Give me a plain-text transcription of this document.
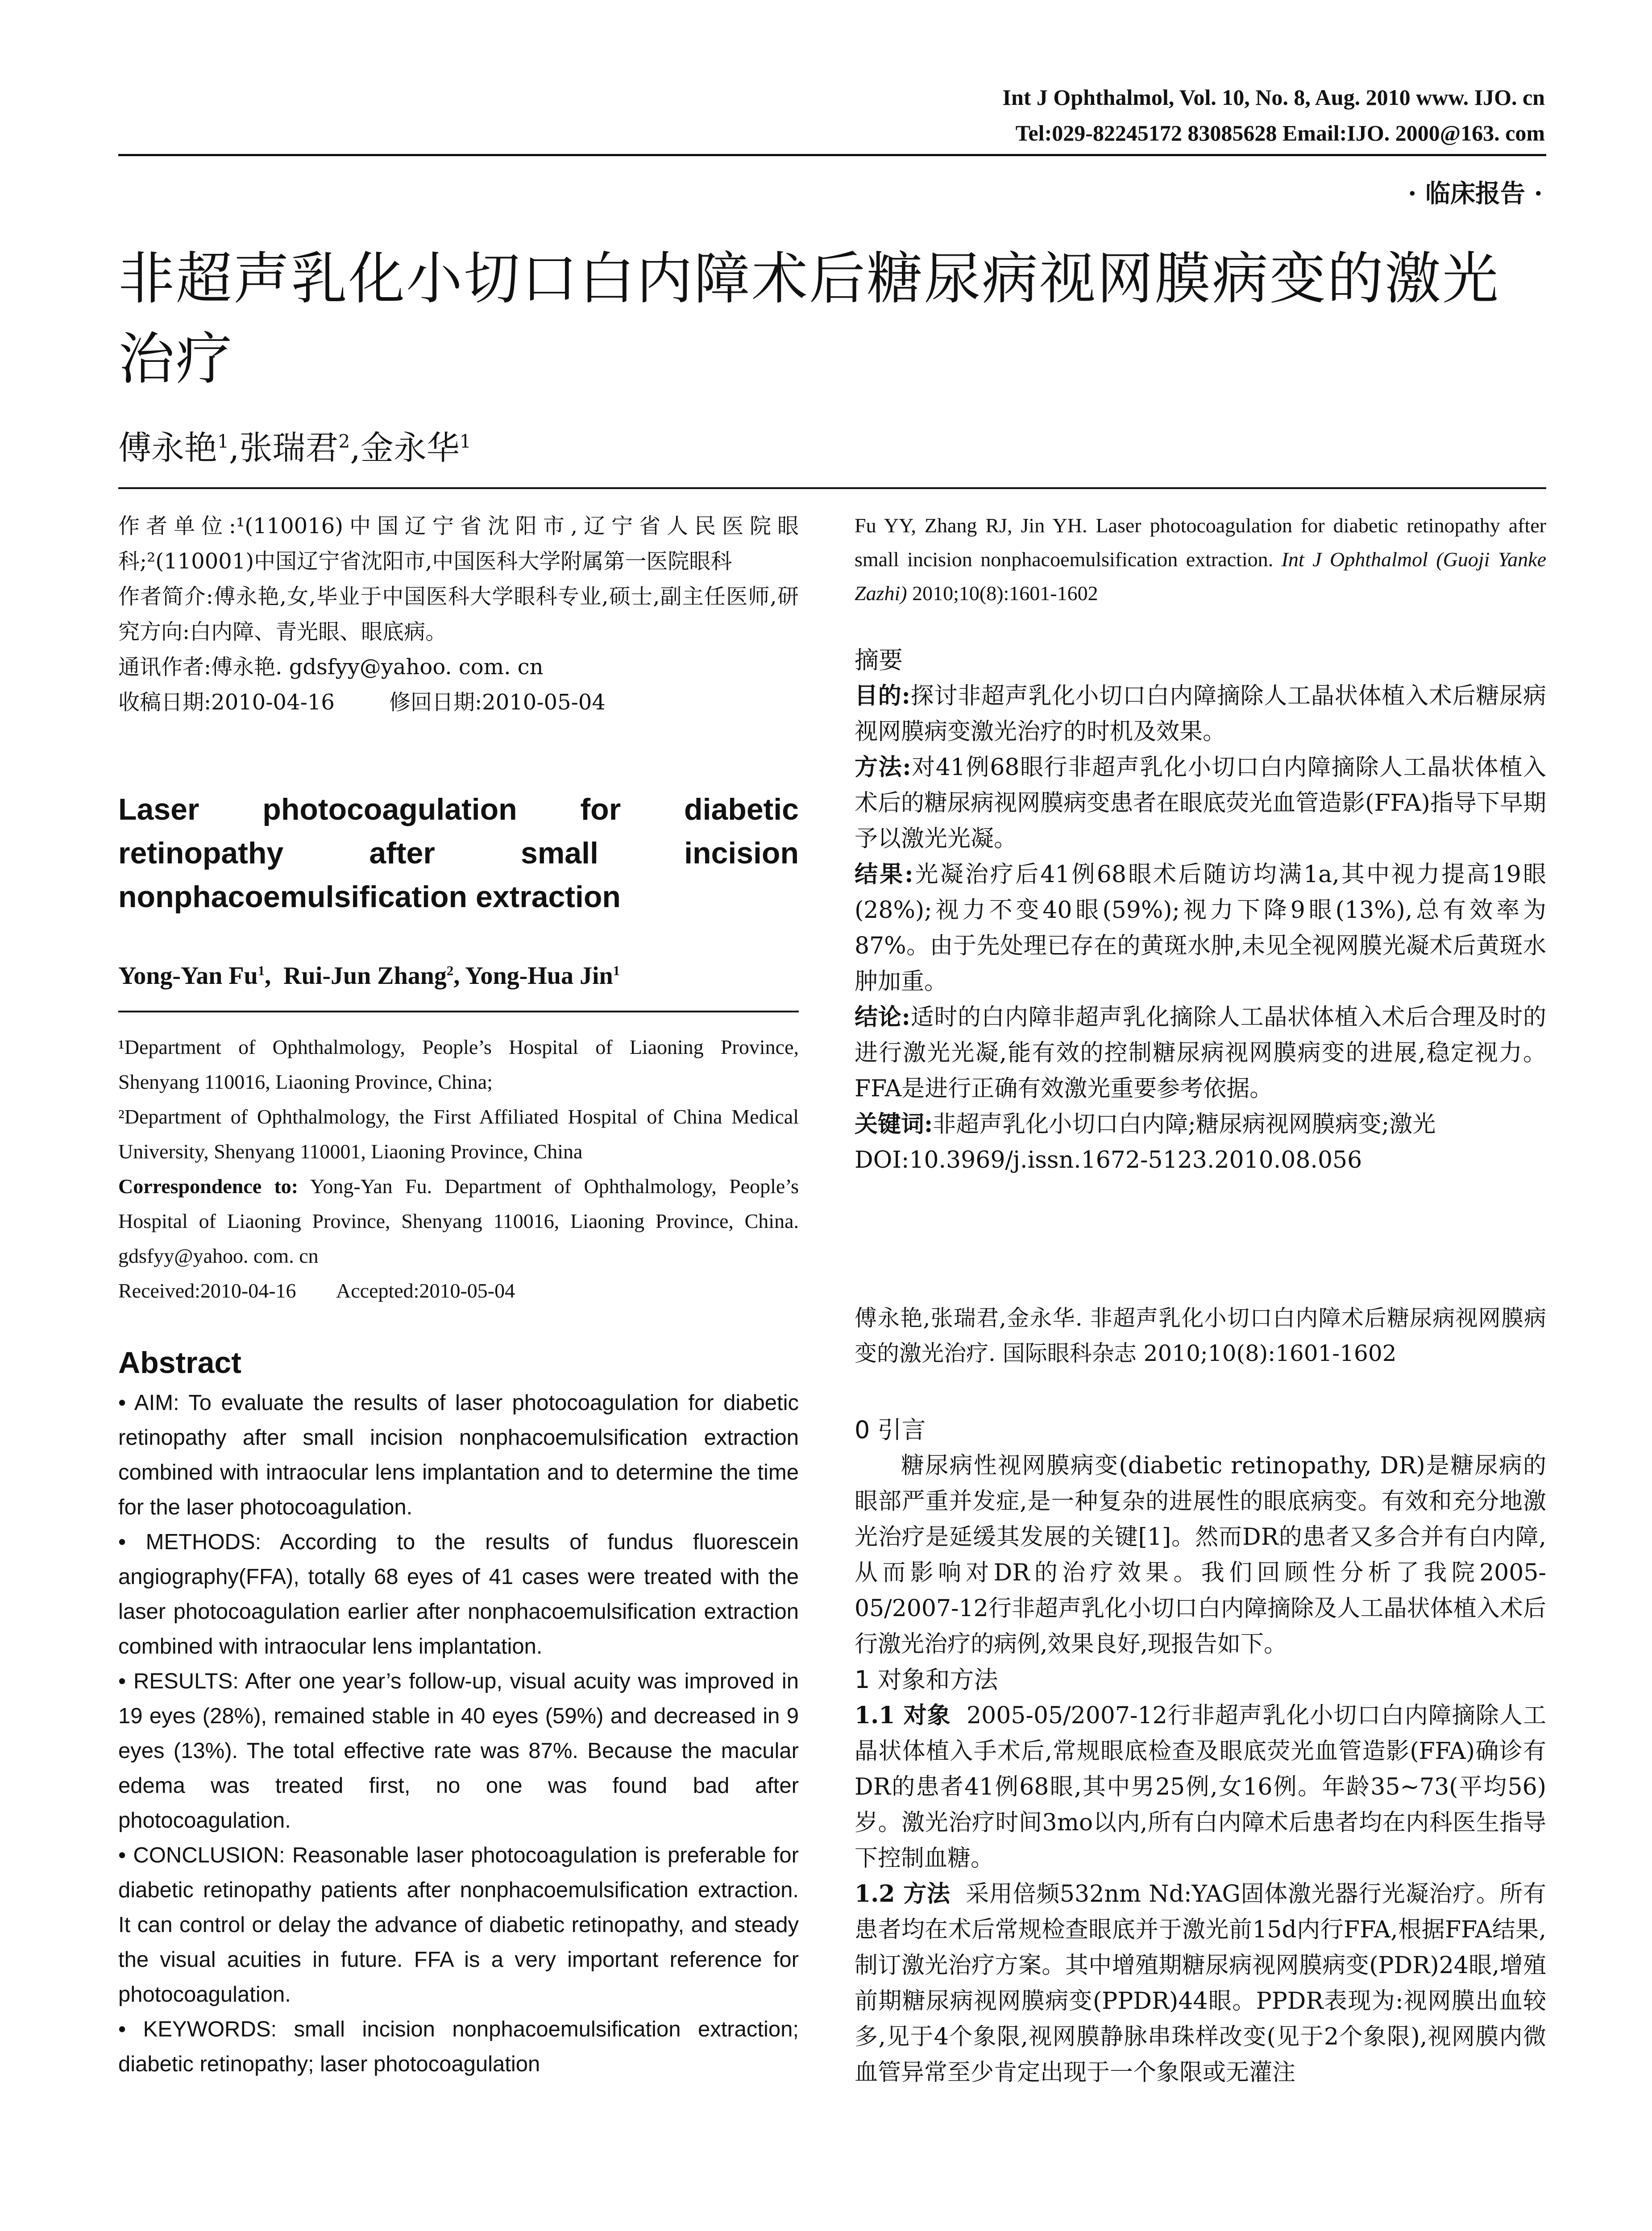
Int J Ophthalmol, Vol. 10, No. 8, Aug. 2010 www. IJO. cn
Tel:029-82245172 83085628 Email:IJO. 2000@163. com
· 临床报告 ·
非超声乳化小切口白内障术后糖尿病视网膜病变的激光治疗
傅永艳$^1$,张瑞君$^2$,金永华$^1$
作者单位:¹(110016)中国辽宁省沈阳市,辽宁省人民医院眼科;²(110001)中国辽宁省沈阳市,中国医科大学附属第一医院眼科
作者简介:傅永艳,女,毕业于中国医科大学眼科专业,硕士,副主任医师,研究方向:白内障、青光眼、眼底病。
通讯作者:傅永艳. gdsfyy@yahoo. com. cn
收稿日期:2010-04-16        修回日期:2010-05-04
Laser photocoagulation for diabetic retinopathy after small incision nonphacoemulsification extraction
Yong-Yan Fu$^1$,  Rui-Jun Zhang$^2$, Yong-Hua Jin$^1$
¹Department of Ophthalmology, People’s Hospital of Liaoning Province, Shenyang 110016, Liaoning Province, China;
²Department of Ophthalmology, the First Affiliated Hospital of China Medical University, Shenyang 110001, Liaoning Province, China
Correspondence to: Yong-Yan Fu. Department of Ophthalmology, People’s Hospital of Liaoning Province, Shenyang 110016, Liaoning Province, China. gdsfyy@yahoo. com. cn
Received:2010-04-16        Accepted:2010-05-04
Abstract

• AIM: To evaluate the results of laser photocoagulation for diabetic retinopathy after small incision nonphacoemulsification extraction combined with intraocular lens implantation and to determine the time for the laser photocoagulation.

• METHODS: According to the results of fundus fluorescein angiography(FFA), totally 68 eyes of 41 cases were treated with the laser photocoagulation earlier after nonphacoemulsification extraction combined with intraocular lens implantation.

• RESULTS: After one year’s follow-up, visual acuity was improved in 19 eyes (28%), remained stable in 40 eyes (59%) and decreased in 9 eyes (13%). The total effective rate was 87%. Because the macular edema was treated first, no one was found bad after photocoagulation.

• CONCLUSION: Reasonable laser photocoagulation is preferable for diabetic retinopathy patients after nonphacoemulsification extraction. It can control or delay the advance of diabetic retinopathy, and steady the visual acuities in future. FFA is a very important reference for photocoagulation.

• KEYWORDS: small incision nonphacoemulsification extraction; diabetic retinopathy; laser photocoagulation

Fu YY, Zhang RJ, Jin YH. Laser photocoagulation for diabetic retinopathy after small incision nonphacoemulsification extraction. Int J Ophthalmol (Guoji Yanke Zazhi) 2010;10(8):1601-1602
摘要

目的:探讨非超声乳化小切口白内障摘除人工晶状体植入术后糖尿病视网膜病变激光治疗的时机及效果。

方法:对41例68眼行非超声乳化小切口白内障摘除人工晶状体植入术后的糖尿病视网膜病变患者在眼底荧光血管造影(FFA)指导下早期予以激光光凝。

结果:光凝治疗后41例68眼术后随访均满1a,其中视力提高19眼(28%);视力不变40眼(59%);视力下降9眼(13%),总有效率为87%。由于先处理已存在的黄斑水肿,未见全视网膜光凝术后黄斑水肿加重。

结论:适时的白内障非超声乳化摘除人工晶状体植入术后合理及时的进行激光光凝,能有效的控制糖尿病视网膜病变的进展,稳定视力。FFA是进行正确有效激光重要参考依据。

关键词:非超声乳化小切口白内障;糖尿病视网膜病变;激光

DOI:10.3969/j.issn.1672-5123.2010.08.056

傅永艳,张瑞君,金永华. 非超声乳化小切口白内障术后糖尿病视网膜病变的激光治疗. 国际眼科杂志 2010;10(8):1601-1602
0 引言

糖尿病性视网膜病变(diabetic retinopathy, DR)是糖尿病的眼部严重并发症,是一种复杂的进展性的眼底病变。有效和充分地激光治疗是延缓其发展的关键[1]。然而DR的患者又多合并有白内障,从而影响对DR的治疗效果。我们回顾性分析了我院2005-05/2007-12行非超声乳化小切口白内障摘除及人工晶状体植入术后行激光治疗的病例,效果良好,现报告如下。

1 对象和方法

1.1 对象 2005-05/2007-12行非超声乳化小切口白内障摘除人工晶状体植入手术后,常规眼底检查及眼底荧光血管造影(FFA)确诊有DR的患者41例68眼,其中男25例,女16例。年龄35~73(平均56)岁。激光治疗时间3mo以内,所有白内障术后患者均在内科医生指导下控制血糖。

1.2 方法 采用倍频532nm Nd:YAG固体激光器行光凝治疗。所有患者均在术后常规检查眼底并于激光前15d内行FFA,根据FFA结果,制订激光治疗方案。其中增殖期糖尿病视网膜病变(PDR)24眼,增殖前期糖尿病视网膜病变(PPDR)44眼。PPDR表现为:视网膜出血较多,见于4个象限,视网膜静脉串珠样改变(见于2个象限),视网膜内微血管异常至少肯定出现于一个象限或无灌注
